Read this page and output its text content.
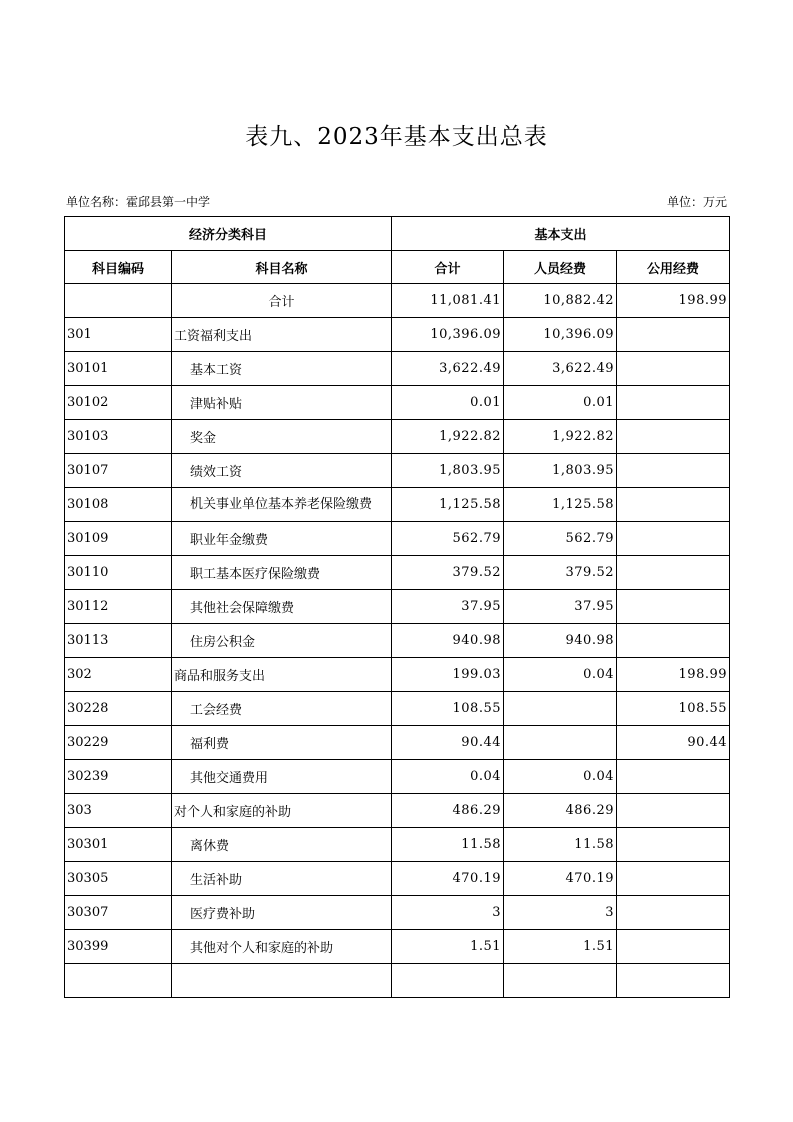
表九、2023年基本支出总表
单位名称：霍邱县第一中学	单位：万元
经济分类科目		基本支出		
科目编码	科目名称	合计	人员经费	公用经费
	合计	11,081.41	10,882.42	198.99
301	工资福利支出	10,396.09	10,396.09	
30101	基本工资	3,622.49	3,622.49	
30102	津贴补贴	0.01	0.01	
30103	奖金	1,922.82	1,922.82	
30107	绩效工资	1,803.95	1,803.95	
30108	机关事业单位基本养老保险缴费	1,125.58	1,125.58	
30109	职业年金缴费	562.79	562.79	
30110	职工基本医疗保险缴费	379.52	379.52	
30112	其他社会保障缴费	37.95	37.95	
30113	住房公积金	940.98	940.98	
302	商品和服务支出	199.03	0.04	198.99
30228	工会经费	108.55		108.55
30229	福利费	90.44		90.44
30239	其他交通费用	0.04	0.04	
303	对个人和家庭的补助	486.29	486.29	
30301	离休费	11.58	11.58	
30305	生活补助	470.19	470.19	
30307	医疗费补助	3	3	
30399	其他对个人和家庭的补助	1.51	1.51	
